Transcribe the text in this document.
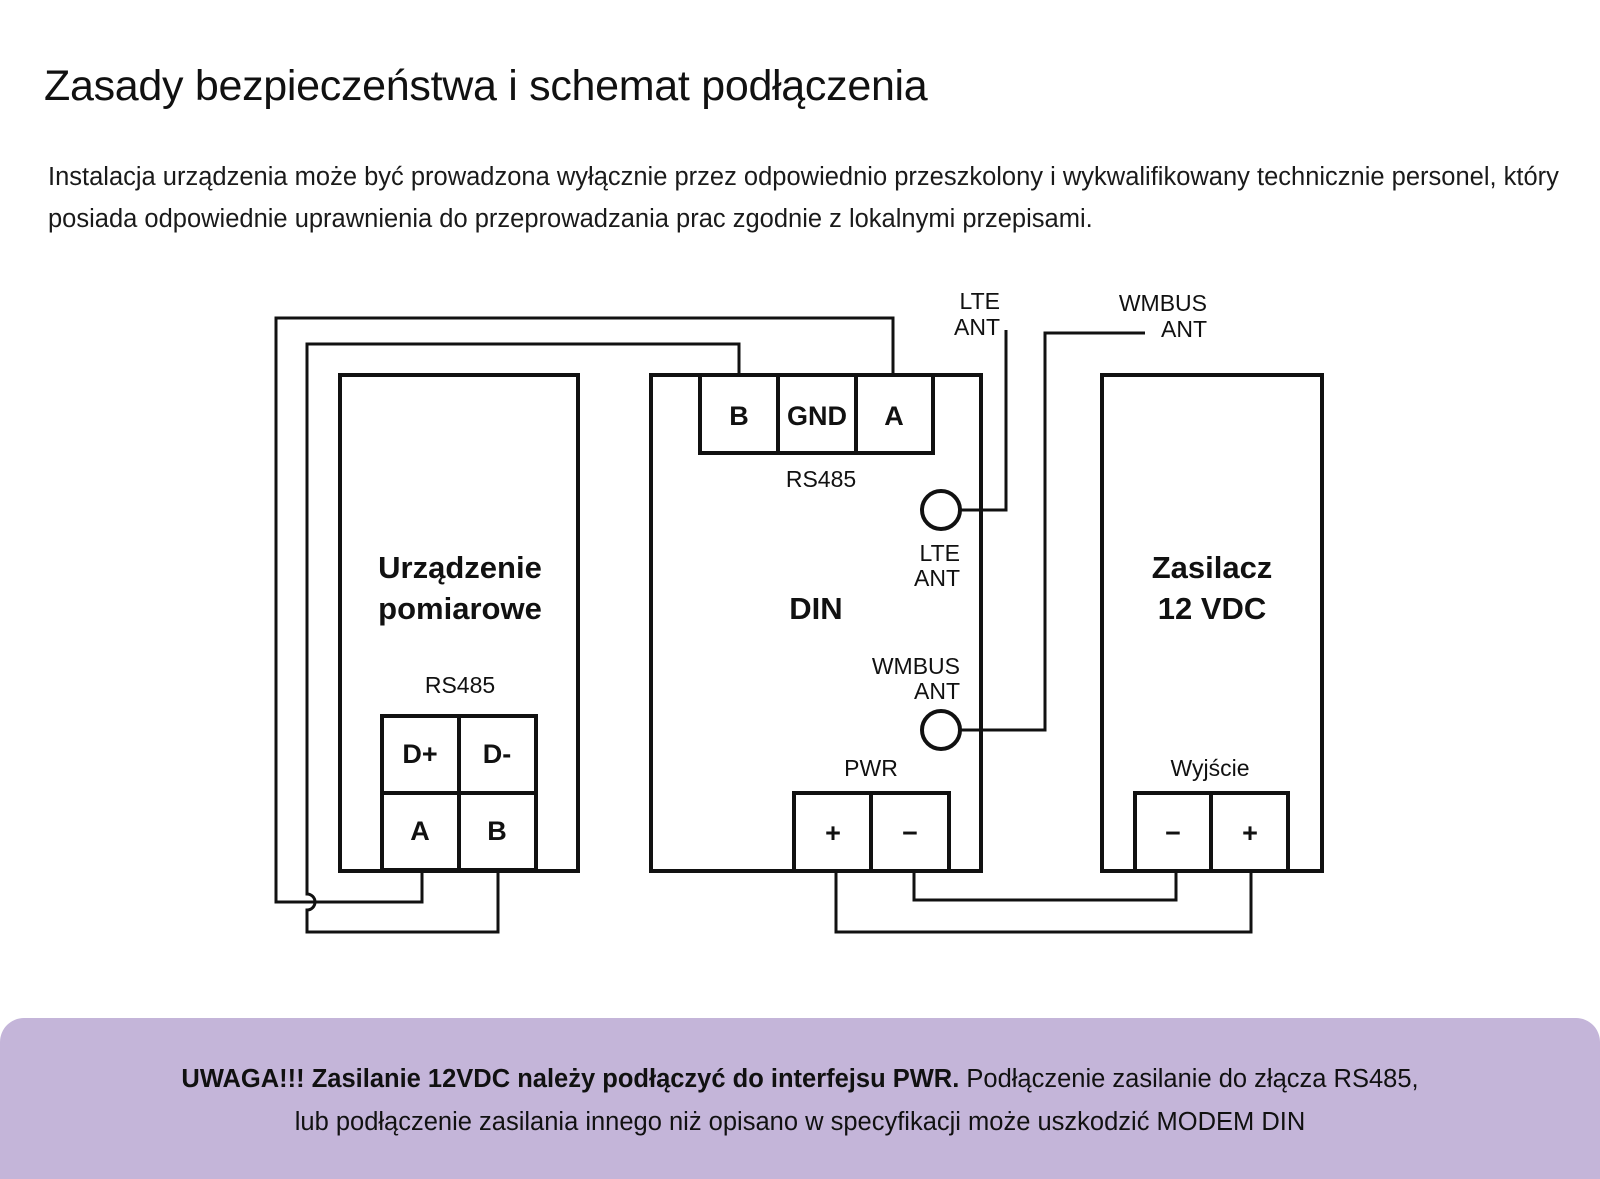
Zasady bezpieczeństwa i schemat podłączenia

Instalacja urządzenia może być prowadzona wyłącznie przez odpowiednio przeszkolony i wykwalifikowany technicznie personel, który posiada odpowiednie uprawnienia do przeprowadzania prac zgodnie z lokalnymi przepisami.

Urządzenie
pomiarowe
RS485
D+ D-
A B
B GND A
RS485
LTE
ANT
DIN
WMBUS
ANT
PWR
+ −
Zasilacz
12 VDC
Wyjście
− +
LTE
ANT
WMBUS
ANT

UWAGA!!! Zasilanie 12VDC należy podłączyć do interfejsu PWR. Podłączenie zasilanie do złącza RS485,
lub podłączenie zasilania innego niż opisano w specyfikacji może uszkodzić MODEM DIN
